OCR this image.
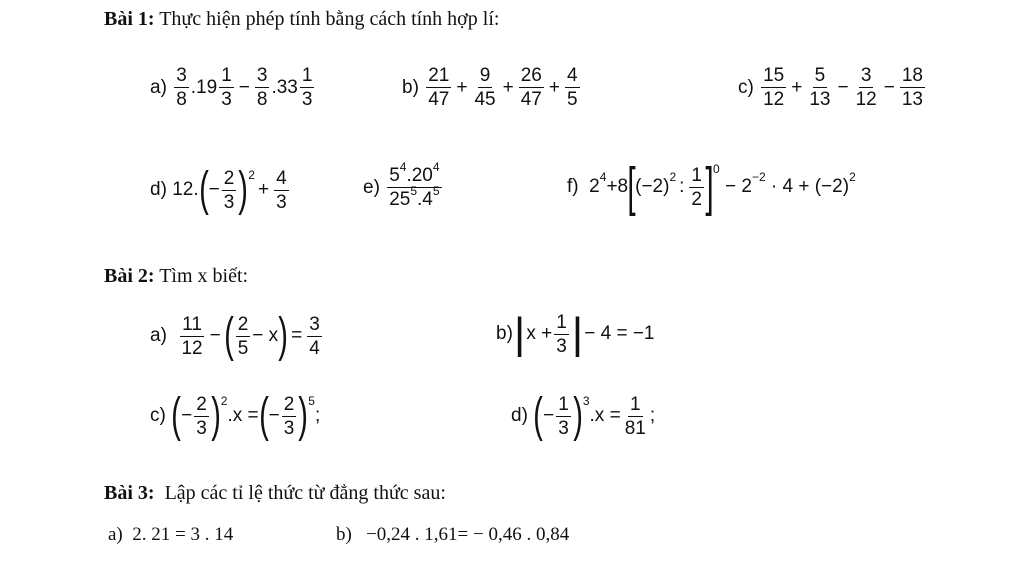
Bài 1: Thực hiện phép tính bằng cách tính hợp lí:
a)
$\frac{3}{8} .19 \frac{1}{3} - \frac{3}{8} .33 \frac{1}{3}$	b)
$\frac{21}{47} + \frac{9}{45} + \frac{26}{47} + \frac{4}{5}$	c)
$\frac{15}{12} + \frac{5}{13} - \frac{3}{12} - \frac{18}{13}$
d)
12. ( − $\frac{2}{3}$ ) 2
+ $\frac{4}{3}$	e)
$\frac{5^4.20^4}{25^5.4^5}$	f)
$2^4 +8$ [ $(-2)^2$ : $\frac{1}{2}$ ] 0

− $2^{-2}$
· $4 + (-2)^2$
Bài 2: Tìm x biết:
a)
$\frac{11}{12}$ − ( $\frac{2}{5} - x$ ) = $\frac{3}{4}$	b) | $x + \frac{1}{3}$ | − 4 = −1
c)
( − $\frac{2}{3}$ ) 2
.x = ( − $\frac{2}{3}$ ) 5
;	d)
( − $\frac{1}{3}$ ) 3
$.x = \frac{1}{81}$ ;
Bài 3: Lập các tỉ lệ thức từ đẳng thức sau:
a) 2. 21 = 3 . 14	b) −0,24 . 1,61= − 0,46 . 0,84
